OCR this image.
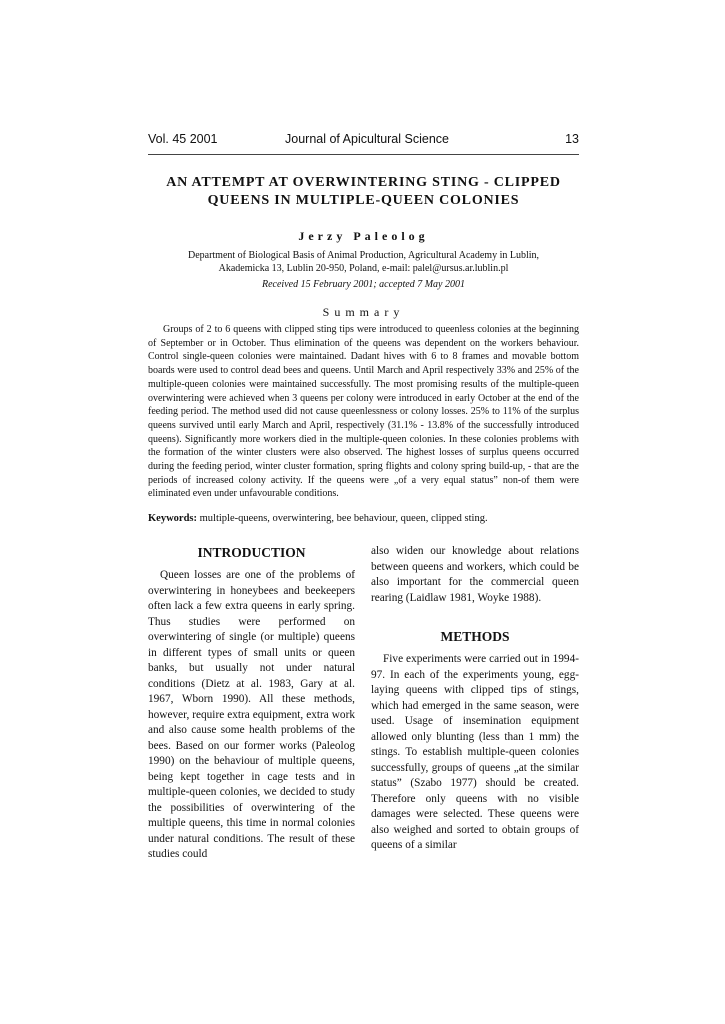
Vol. 45 2001	Journal of Apicultural Science	13
AN ATTEMPT AT OVERWINTERING STING - CLIPPED QUEENS IN MULTIPLE-QUEEN COLONIES
Jerzy Paleolog
Department of Biological Basis of Animal Production, Agricultural Academy in Lublin,
Akademicka 13, Lublin 20-950, Poland, e-mail: palel@ursus.ar.lublin.pl
Received 15 February 2001; accepted 7 May 2001
Summary
Groups of 2 to 6 queens with clipped sting tips were introduced to queenless colonies at the beginning of September or in October. Thus elimination of the queens was dependent on the workers behaviour. Control single-queen colonies were maintained. Dadant hives with 6 to 8 frames and movable bottom boards were used to control dead bees and queens. Until March and April respectively 33% and 25% of the multiple-queen colonies were maintained successfully. The most promising results of the multiple-queen overwintering were achieved when 3 queens per colony were introduced in early October at the end of the feeding period. The method used did not cause queenlessness or colony losses. 25% to 11% of the surplus queens survived until early March and April, respectively (31.1% - 13.8% of the successfully introduced queens). Significantly more workers died in the multiple-queen colonies. In these colonies problems with the formation of the winter clusters were also observed. The highest losses of surplus queens occurred during the feeding period, winter cluster formation, spring flights and colony spring build-up, - that are the periods of increased colony activity. If the queens were „of a very equal status” non-of them were eliminated even under unfavourable conditions.
Keywords: multiple-queens, overwintering, bee behaviour, queen, clipped sting.
INTRODUCTION

Queen losses are one of the problems of overwintering in honeybees and beekeepers often lack a few extra queens in early spring. Thus studies were performed on overwintering of single (or multiple) queens in different types of small units or queen banks, but usually not under natural conditions (Dietz at al. 1983, Gary at al. 1967, Wborn 1990). All these methods, however, require extra equipment, extra work and also cause some health problems of the bees. Based on our former works (Paleolog 1990) on the behaviour of multiple queens, being kept together in cage tests and in multiple-queen colonies, we decided to study the possibilities of overwintering of the multiple queens, this time in normal colonies under natural conditions. The result of these studies could

also widen our knowledge about relations between queens and workers, which could be also important for the commercial queen rearing (Laidlaw 1981, Woyke 1988).

METHODS

Five experiments were carried out in 1994-97. In each of the experiments young, egg-laying queens with clipped tips of stings, which had emerged in the same season, were used. Usage of insemination equipment allowed only blunting (less than 1 mm) the stings. To establish multiple-queen colonies successfully, groups of queens „at the similar status” (Szabo 1977) should be created. Therefore only queens with no visible damages were selected. These queens were also weighed and sorted to obtain groups of queens of a similar
